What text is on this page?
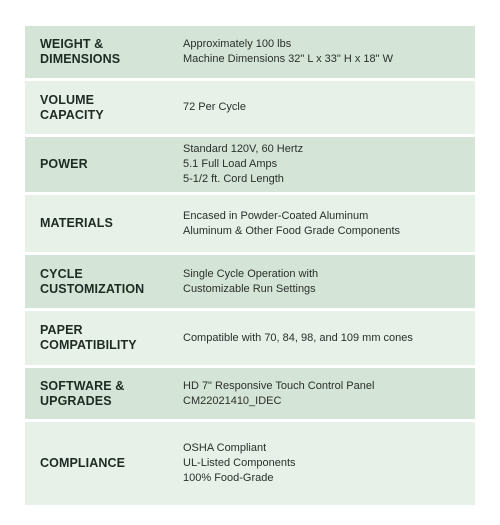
WEIGHT &
DIMENSIONS
Approximately 100 lbs
Machine Dimensions 32" L x 33" H x 18" W
VOLUME
CAPACITY
72 Per Cycle
POWER
Standard 120V, 60 Hertz
5.1 Full Load Amps
5-1/2 ft. Cord Length
MATERIALS
Encased in Powder-Coated Aluminum
Aluminum & Other Food Grade Components
CYCLE
CUSTOMIZATION
Single Cycle Operation with
Customizable Run Settings
PAPER
COMPATIBILITY
Compatible with 70, 84, 98, and 109 mm cones
SOFTWARE &
UPGRADES
HD 7" Responsive Touch Control Panel
CM22021410_IDEC
COMPLIANCE
OSHA Compliant
UL-Listed Components
100% Food-Grade
